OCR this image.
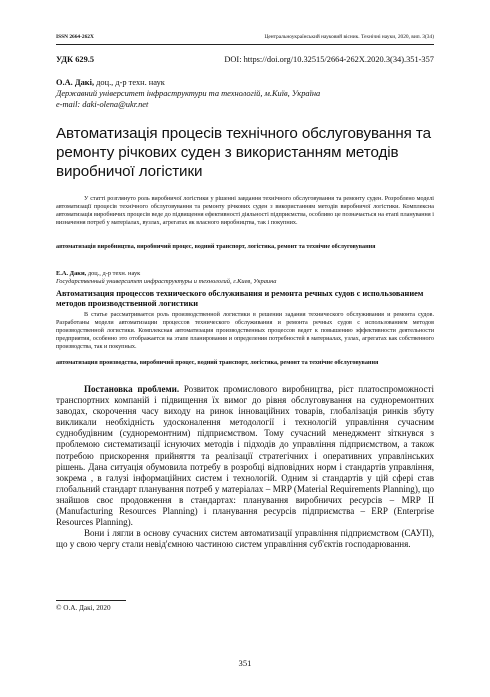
ISSN 2664-262X	Центральноукраїнський науковий вісник. Технічні науки, 2020, вип. 3(34)
УДК 629.5	DOI: https://doi.org/10.32515/2664-262X.2020.3(34).351-357
О.А. Дакі, доц., д-р техн. наук
Державний університет інфраструктури та технологій, м.Київ, Україна
e-mail: daki-olena@ukr.net
Автоматизація процесів технічного обслуговування та ремонту річкових суден з використанням методів виробничої логістики

У статті розглянуто роль виробничої логістики у рішенні завдання технічного обслуговування та ремонту суден. Розроблено моделі автоматизації процесів технічного обслуговування та ремонту річкових суден з використанням методів виробничої логістики. Комплексна автоматизація виробничих процесів веде до підвищення ефективності діяльності підприємства, особливо це позначається на етапі планування і визначення потреб у матеріалах, вузлах, агрегатах як власного виробництва, так і покупних.

автоматизація виробництва, виробничий процес, водний транспорт, логістика, ремонт та технічне обслуговування

Е.А. Даки, доц., д-р техн. наук
Государственный университет инфраструктуры и технологий, г.Киев, Украина
Автоматизация процессов технического обслуживания и ремонта речных судов с использованием методов производственной логистики

В статье рассматривается роль производственной логистики в решении задания технического обслуживания и ремонта судов. Разработаны модели автоматизации процессов технического обслуживания и ремонта речных судов с использованием методов производственной логистики. Комплексная автоматизация производственных процессов ведет к повышению эффективности деятельности предприятия, особенно это отображается на этапе планирования и определения потребностей в материалах, узлах, агрегатах как собственного производства, так и покупных.

автоматизация производства, виробничий процес, водний транспорт, логістика, ремонт та технічне обслуговування

Постановка проблеми. Розвиток промислового виробництва, ріст платоспроможності транспортних компаній і підвищення їх вимог до рівня обслуговування на судноремонтних заводах, скорочення часу виходу на ринок інноваційних товарів, глобалізація ринків збуту викликали необхідність удосконалення методології і технологій управління сучасним суднобудівним (судноремонтним) підприємством. Тому сучасний менеджмент зіткнувся з проблемою систематизації існуючих методів і підходів до управління підприємством, а також потребою прискорення прийняття та реалізації стратегічних і оперативних управлінських рішень. Дана ситуація обумовила потребу в розробці відповідних норм і стандартів управління, зокрема , в галузі інформаційних систем і технологій. Одним зі стандартів у цій сфері став глобальний стандарт планування потреб у матеріалах – MRP (Material Requirements Planning), що знайшов своє продовження в стандартах: планування виробничих ресурсів – MRP II (Manufacturing Resources Planning) і планування ресурсів підприємства – ERP (Enterprise Resources Planning).

Вони і лягли в основу сучасних систем автоматизації управління підприємством (САУП), що у свою чергу стали невід'ємною частиною систем управління суб'єктів господарювання.

© О.А. Дакі, 2020
351
